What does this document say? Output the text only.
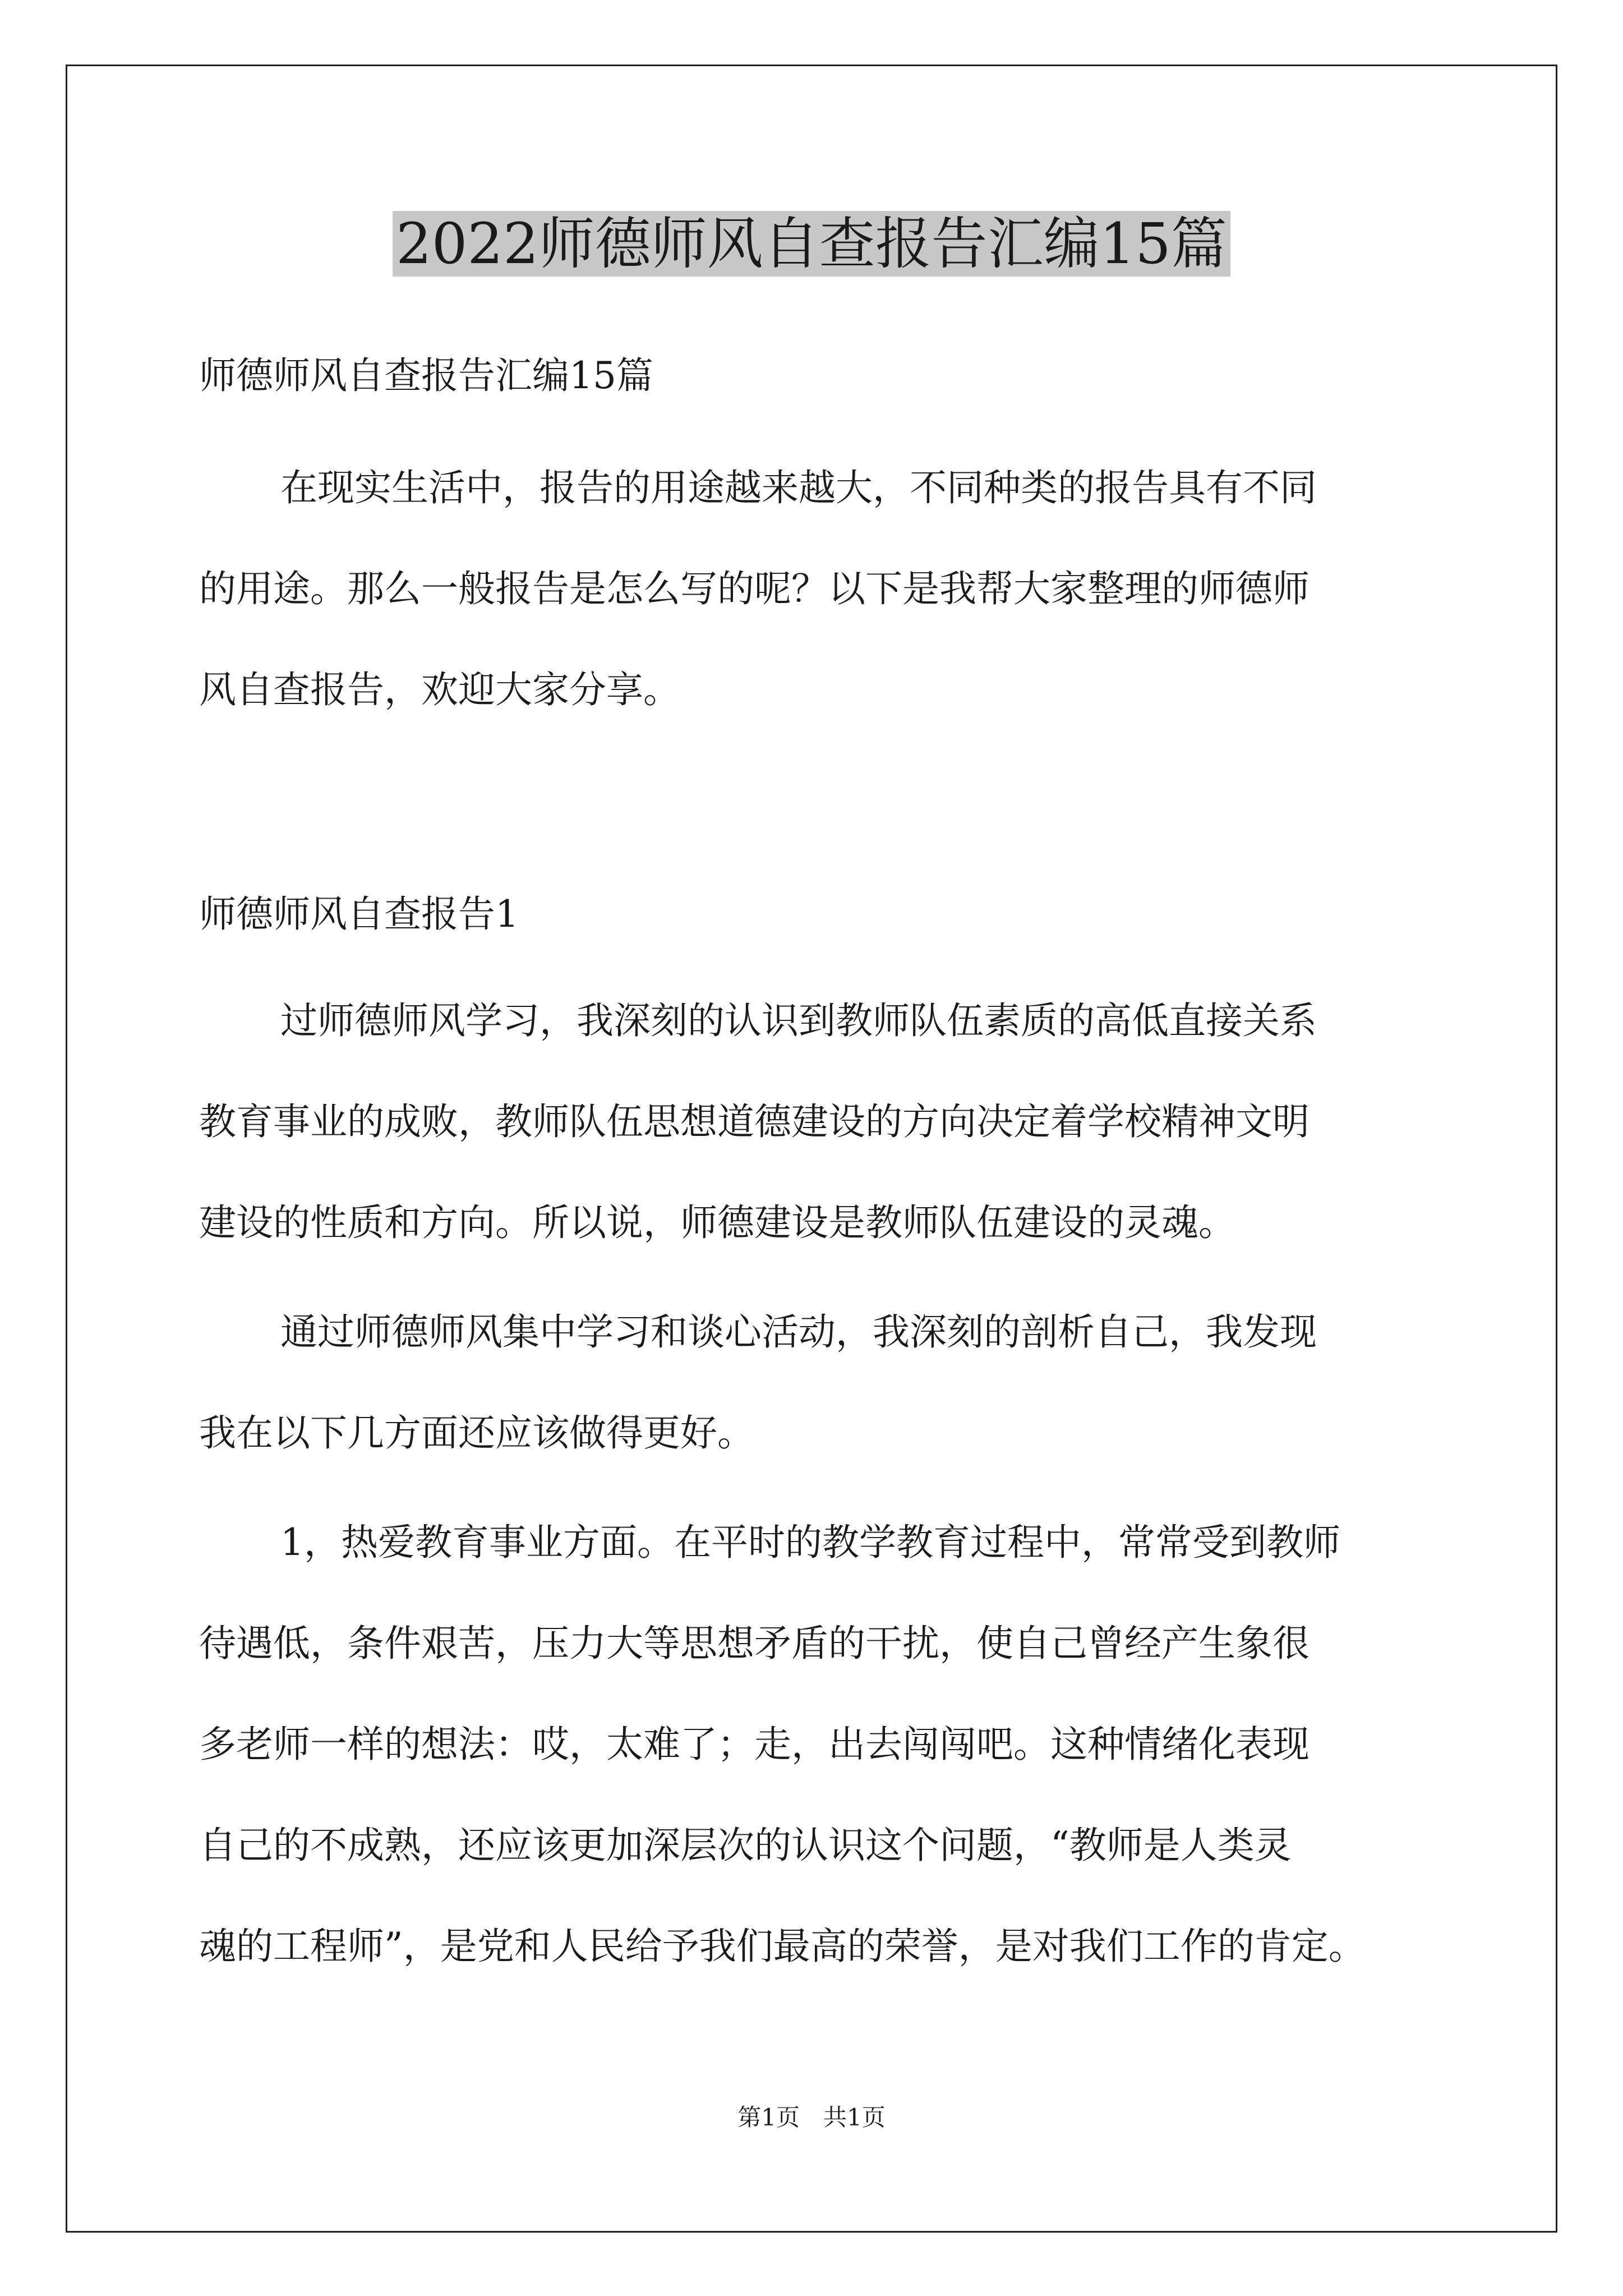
2022师德师风自查报告汇编15篇

师德师风自查报告汇编15篇

在现实生活中，报告的用途越来越大，不同种类的报告具有不同

的用途。那么一般报告是怎么写的呢？以下是我帮大家整理的师德师

风自查报告，欢迎大家分享。

师德师风自查报告1

过师德师风学习，我深刻的认识到教师队伍素质的高低直接关系

教育事业的成败，教师队伍思想道德建设的方向决定着学校精神文明

建设的性质和方向。所以说，师德建设是教师队伍建设的灵魂。

通过师德师风集中学习和谈心活动，我深刻的剖析自己，我发现

我在以下几方面还应该做得更好。

1，热爱教育事业方面。在平时的教学教育过程中，常常受到教师

待遇低，条件艰苦，压力大等思想矛盾的干扰，使自己曾经产生象很

多老师一样的想法：哎，太难了；走，出去闯闯吧。这种情绪化表现

自己的不成熟，还应该更加深层次的认识这个问题，“教师是人类灵

魂的工程师”，是党和人民给予我们最高的荣誉，是对我们工作的肯定。

第1页　共1页
